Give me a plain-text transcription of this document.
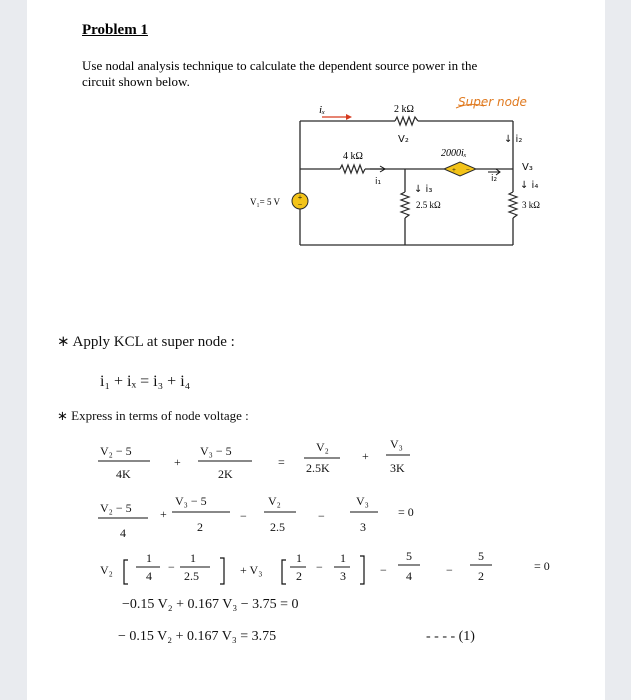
Problem 1
Use nodal analysis technique to calculate the dependent source power in the circuit shown below.
+
−
+ −
iₓ	2 kΩ
Super node
V₂	↓ i₂
4 kΩ	2000iₓ
V₃
i₁	i₂
↓ i₃	↓ i₄
V₁= 5 V	2.5 kΩ	3 kΩ
∗ Apply KCL at super node :
i₁ + iₓ = i₃ + i₄
∗ Express in terms of node voltage :
V₂ − 5
4K
+
V₃ − 5
2K
=
V₂
2.5K
+
V₃
3K
V₂ − 5
4
+
V₃ − 5
2
−
V₂
2.5
−
V₃
3
= 0
V₂
1
4
−
1
2.5	+ V₃
1
2
−
1
3	−
5
4	−
5
2
= 0
−0.15 V₂ + 0.167 V₃ − 3.75 = 0
− 0.15 V₂ + 0.167 V₃ = 3.75	- - - - (1)
